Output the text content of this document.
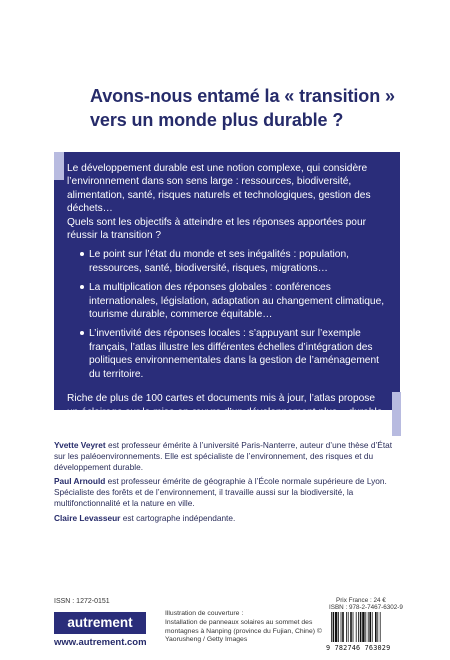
Avons-nous entamé la « transition »
vers un monde plus durable ?

Le développement durable est une notion complexe, qui considère l’environnement dans son sens large : ressources, biodiversité, alimentation, santé, risques naturels et technologiques, gestion des déchets…

Quels sont les objectifs à atteindre et les réponses apportées pour réussir la transition ?

Le point sur l’état du monde et ses inégalités : population, ressources, santé, biodiversité, risques, migrations…
La multiplication des réponses globales : conférences internationales, législation, adaptation au changement climatique, tourisme durable, commerce équitable…
L’inventivité des réponses locales : s’appuyant sur l’exemple français, l’atlas illustre les différentes échelles d’intégration des politiques environnementales dans la gestion de l’aménagement du territoire.

Riche de plus de 100 cartes et documents mis à jour, l’atlas propose un éclairage sur la mise en œuvre d’un développement plus « durable » pour la planète.

Yvette Veyret est professeur émérite à l’université Paris-Nanterre, auteur d’une thèse d’État sur les paléoenvironnements. Elle est spécialiste de l’environnement, des risques et du développement durable.

Paul Arnould est professeur émérite de géographie à l’École normale supérieure de Lyon. Spécialiste des forêts et de l’environnement, il travaille aussi sur la biodiversité, la multifonctionnalité et la nature en ville.

Claire Levasseur est cartographe indépendante.

ISSN : 1272-0151
autrement
www.autrement.com

Illustration de couverture :

Installation de panneaux solaires au sommet des montagnes à Nanping (province du Fujian, Chine) © Yaorusheng / Getty Images

Prix France : 24 €
ISBN : 978-2-7467-6302-9
9 782746 763029
